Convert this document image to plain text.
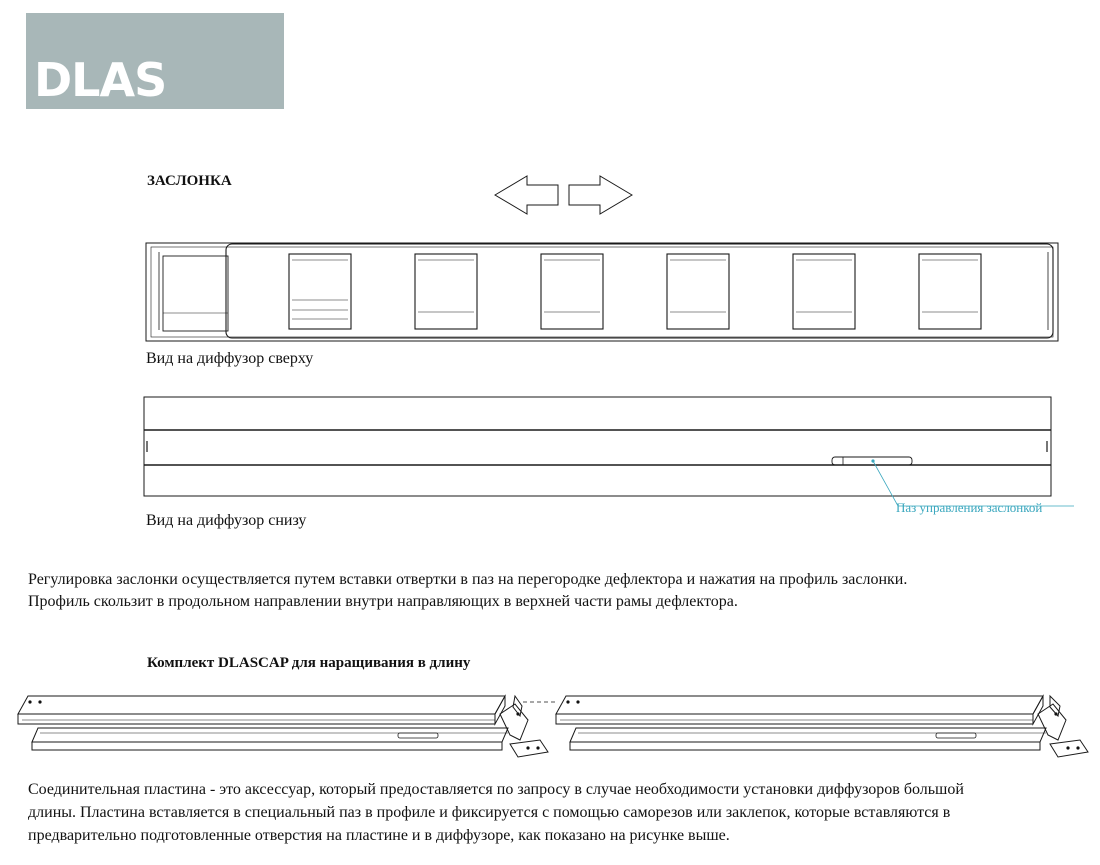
DLAS
ЗАСЛОНКА
Вид на диффузор сверху
Вид на диффузор снизу
Паз управления заслонкой
Регулировка заслонки осуществляется путем вставки отвертки в паз на перегородке дефлектора и нажатия на профиль заслонки.
Профиль скользит в продольном направлении внутри направляющих в верхней части рамы дефлектора.
Комплект DLASCAP для наращивания в длину
Соединительная пластина - это аксессуар, который предоставляется по запросу в случае необходимости установки диффузоров большой
длины. Пластина вставляется в специальный паз в профиле и фиксируется с помощью саморезов или заклепок, которые вставляются в
предварительно подготовленные отверстия на пластине и в диффузоре, как показано на рисунке выше.
